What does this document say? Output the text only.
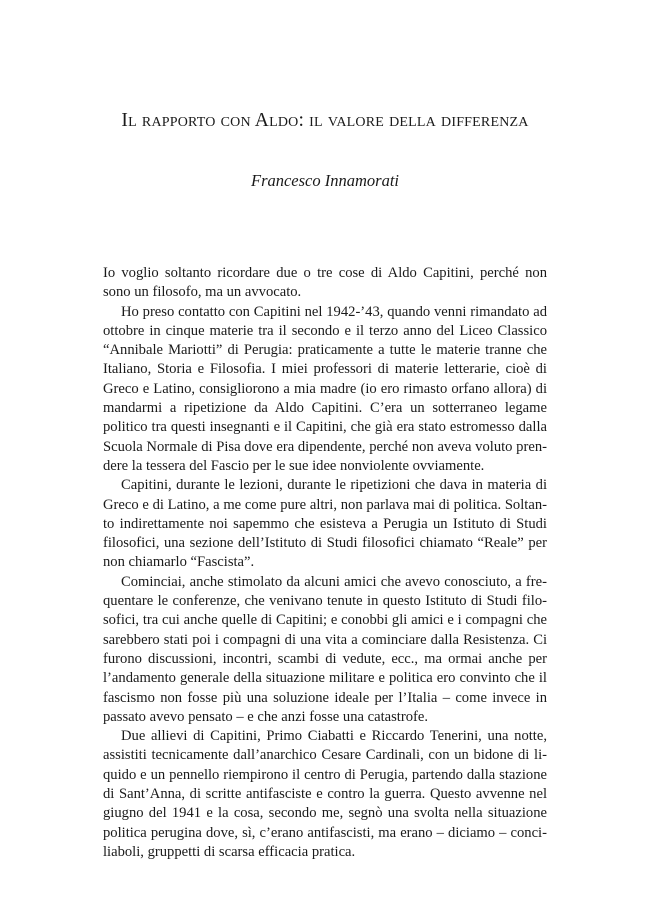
Il rapporto con Aldo: il valore della differenza
Francesco Innamorati

Io voglio soltanto ricordare due o tre cose di Aldo Capitini, perché non sono un filosofo, ma un avvocato.

Ho preso contatto con Capitini nel 1942-’43, quando venni rimandato ad ottobre in cinque materie tra il secondo e il terzo anno del Liceo Classico “Annibale Mariotti” di Perugia: praticamente a tutte le materie tranne che Italiano, Storia e Filosofia. I miei professori di materie letterarie, cioè di Greco e Latino, consigliorono a mia madre (io ero rimasto orfano allora) di mandarmi a ripetizione da Aldo Capitini. C’era un sotterraneo legame politico tra questi insegnanti e il Capitini, che già era stato estromesso dalla Scuola Normale di Pisa dove era dipendente, perché non aveva voluto prendere la tessera del Fascio per le sue idee nonviolente ovviamente.

Capitini, durante le lezioni, durante le ripetizioni che dava in materia di Greco e di Latino, a me come pure altri, non parlava mai di politica. Soltanto indirettamente noi sapemmo che esisteva a Perugia un Istituto di Studi filosofici, una sezione dell’Istituto di Studi filosofici chiamato “Reale” per non chiamarlo “Fascista”.

Cominciai, anche stimolato da alcuni amici che avevo conosciuto, a frequentare le conferenze, che venivano tenute in questo Istituto di Studi filosofici, tra cui anche quelle di Capitini; e conobbi gli amici e i compagni che sarebbero stati poi i compagni di una vita a cominciare dalla Resistenza. Ci furono discussioni, incontri, scambi di vedute, ecc., ma ormai anche per l’andamento generale della situazione militare e politica ero convinto che il fascismo non fosse più una soluzione ideale per l’Italia – come invece in passato avevo pensato – e che anzi fosse una catastrofe.

Due allievi di Capitini, Primo Ciabatti e Riccardo Tenerini, una notte, assistiti tecnicamente dall’anarchico Cesare Cardinali, con un bidone di liquido e un pennello riempirono il centro di Perugia, partendo dalla stazione di Sant’Anna, di scritte antifasciste e contro la guerra. Questo avvenne nel giugno del 1941 e la cosa, secondo me, segnò una svolta nella situazione politica perugina dove, sì, c’erano antifascisti, ma erano – diciamo – conciliaboli, gruppetti di scarsa efficacia pratica.
